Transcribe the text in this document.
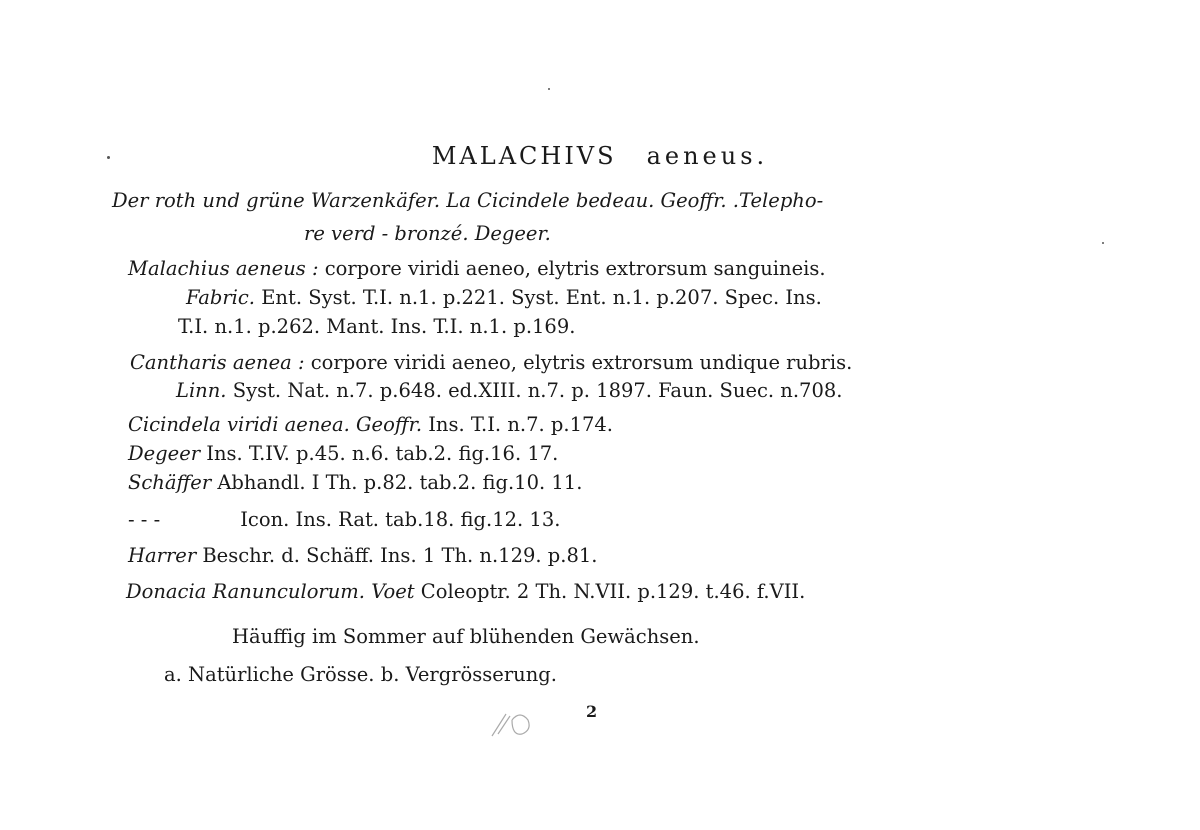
MALACHIVS aeneus.
Der roth und grüne Warzenkäfer. La Cicindele bedeau. Geoffr. .Telepho-
re verd - bronzé. Degeer.
Malachius aeneus : corpore viridi aeneo, elytris extrorsum sanguineis.
Fabric. Ent. Syst. T.I. n.1. p.221. Syst. Ent. n.1. p.207. Spec. Ins.
T.I. n.1. p.262. Mant. Ins. T.I. n.1. p.169.
Cantharis aenea : corpore viridi aeneo, elytris extrorsum undique rubris.
Linn. Syst. Nat. n.7. p.648. ed.XIII. n.7. p. 1897. Faun. Suec. n.708.
Cicindela viridi aenea. Geoffr. Ins. T.I. n.7. p.174.
Degeer Ins. T.IV. p.45. n.6. tab.2. fig.16. 17.
Schäffer Abhandl. I Th. p.82. tab.2. fig.10. 11.
- - -	Icon. Ins. Rat. tab.18. fig.12. 13.
Harrer Beschr. d. Schäff. Ins. 1 Th. n.129. p.81.
Donacia Ranunculorum. Voet Coleoptr. 2 Th. N.VII. p.129. t.46. f.VII.
Häuffig im Sommer auf blühenden Gewächsen.
a. Natürliche Grösse. b. Vergrösserung.
2
